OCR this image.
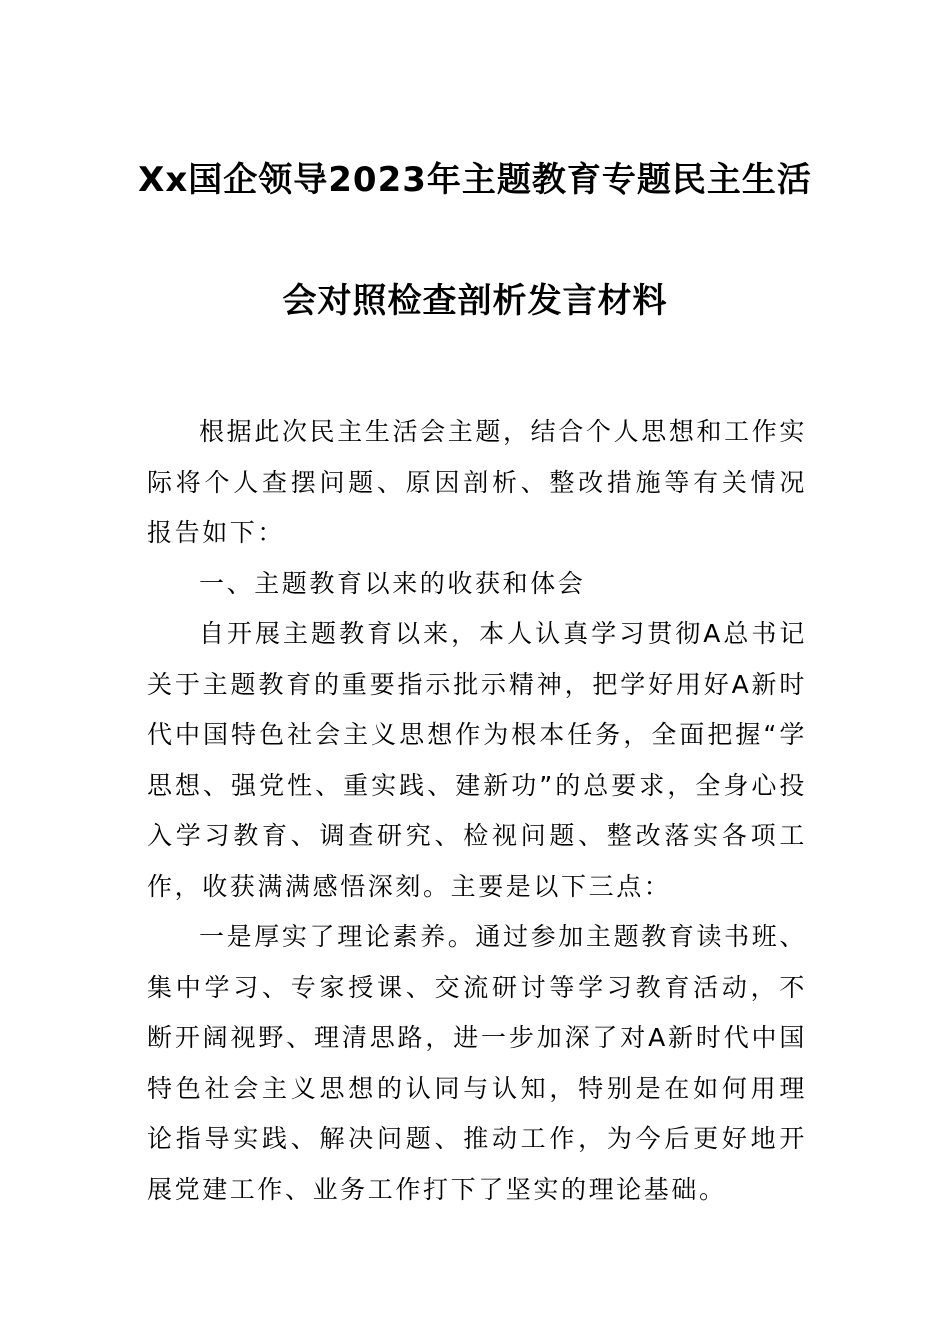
Xx国企领导2023年主题教育专题民主生活
会对照检查剖析发言材料

根据此次民主生活会主题，结合个人思想和工作实际将个人查摆问题、原因剖析、整改措施等有关情况报告如下：

一、主题教育以来的收获和体会

自开展主题教育以来，本人认真学习贯彻A总书记关于主题教育的重要指示批示精神，把学好用好A新时代中国特色社会主义思想作为根本任务，全面把握“学思想、强党性、重实践、建新功”的总要求，全身心投入学习教育、调查研究、检视问题、整改落实各项工作，收获满满感悟深刻。主要是以下三点：

一是厚实了理论素养。通过参加主题教育读书班、集中学习、专家授课、交流研讨等学习教育活动，不断开阔视野、理清思路，进一步加深了对A新时代中国特色社会主义思想的认同与认知，特别是在如何用理论指导实践、解决问题、推动工作，为今后更好地开展党建工作、业务工作打下了坚实的理论基础。
